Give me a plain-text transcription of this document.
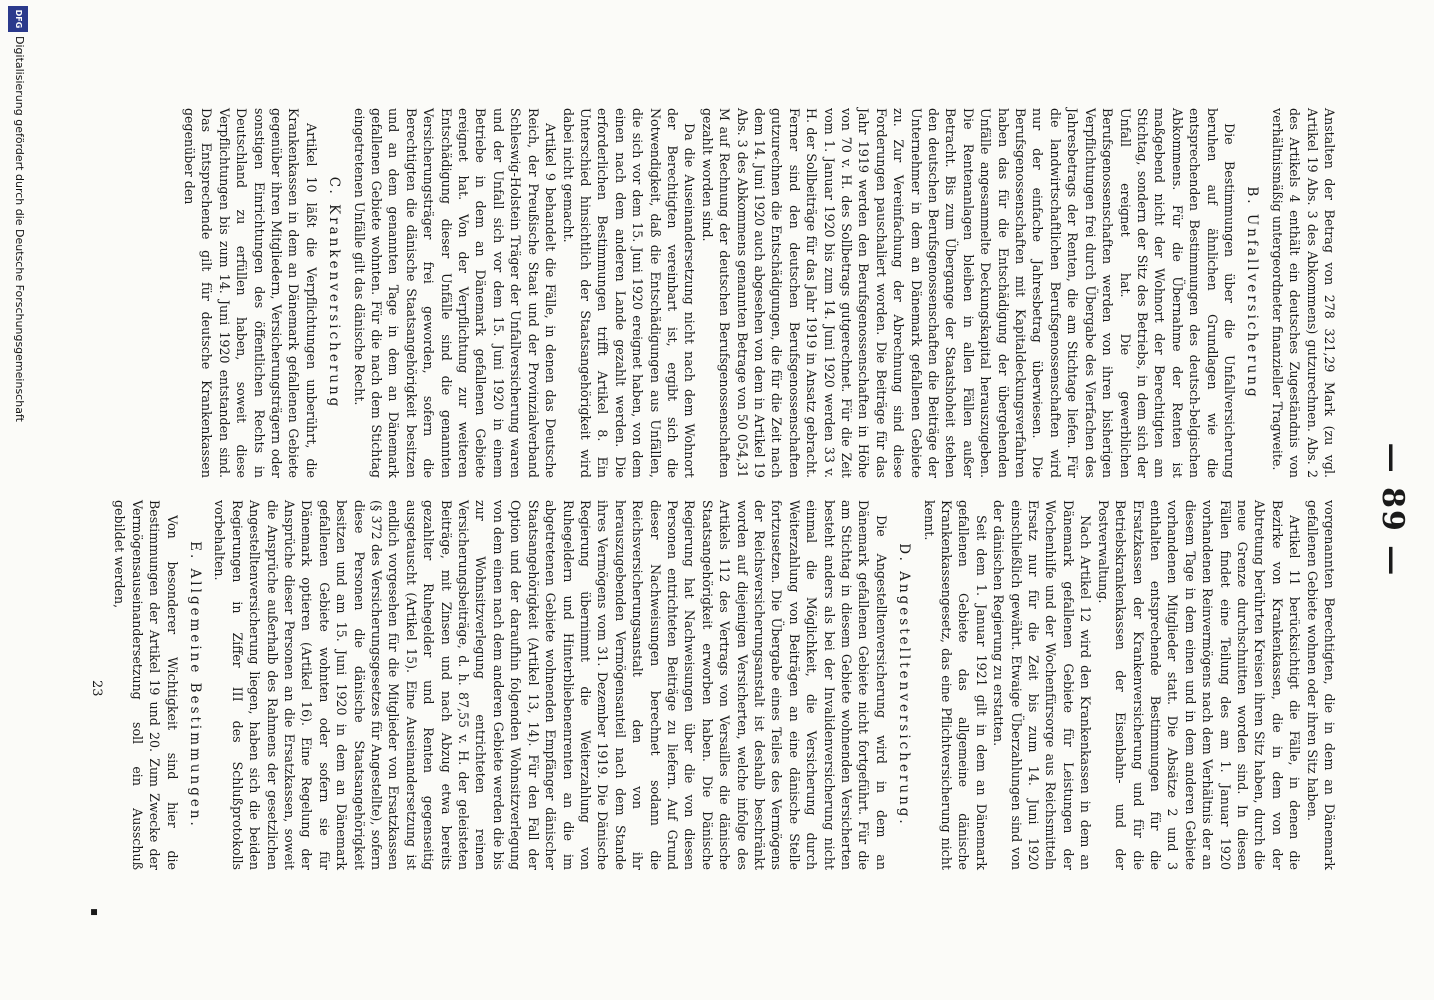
— 89 —

Anstalten der Betrag von 278 321,29 Mark (zu vgl. Artikel 19 Abs. 3 des Abkommens) gutzurechnen. Abs. 2 des Artikels 4 enthält ein deutsches Zugeständnis von verhältnismäßig untergeordneter finanzieller Tragweite.

B. Unfallversicherung

Die Bestimmungen über die Unfallversicherung beruhen auf ähnlichen Grundlagen wie die entsprechenden Bestimmungen des deutsch-belgischen Abkommens. Für die Übernahme der Renten ist maßgebend nicht der Wohnort der Berechtigten am Stichtag, sondern der Sitz des Betriebs, in dem sich der Unfall ereignet hat. Die gewerblichen Berufsgenossenschaften werden von ihren bisherigen Verpflichtungen frei durch Übergabe des Vierfachen des Jahresbetrags der Renten, die am Stichtage liefen. Für die landwirtschaftlichen Berufsgenossenschaften wird nur der einfache Jahresbetrag überwiesen. Die Berufsgenossenschaften mit Kapitaldeckungsverfahren haben das für die Entschädigung der übergehenden Unfälle angesammelte Deckungskapital herauszugeben. Die Rentenanlagen bleiben in allen Fällen außer Betracht. Bis zum Übergange der Staatshoheit stehen den deutschen Berufsgenossenschaften die Beiträge der Unternehmer in dem an Dänemark gefallenen Gebiete zu. Zur Vereinfachung der Abrechnung sind diese Forderungen pauschaliert worden. Die Beiträge für das Jahr 1919 werden den Berufsgenossenschaften in Höhe von 70 v. H. des Sollbetrags gutgerechnet. Für die Zeit vom 1. Januar 1920 bis zum 14. Juni 1920 werden 33 v. H. der Sollbeiträge für das Jahr 1919 in Ansatz gebracht. Ferner sind den deutschen Berufsgenossenschaften gutzurechnen die Entschädigungen, die für die Zeit nach dem 14. Juni 1920 auch abgesehen von dem in Artikel 19 Abs. 3 des Abkommens genannten Betrage von 50 054,31 M auf Rechnung der deutschen Berufsgenossenschaften gezahlt worden sind.

Da die Auseinandersetzung nicht nach dem Wohnort der Berechtigten vereinbart ist, ergibt sich die Notwendigkeit, daß die Entschädigungen aus Unfällen, die sich vor dem 15. Juni 1920 ereignet haben, von dem einen nach dem anderen Lande gezahlt werden. Die erforderlichen Bestimmungen trifft Artikel 8. Ein Unterschied hinsichtlich der Staatsangehörigkeit wird dabei nicht gemacht.

Artikel 9 behandelt die Fälle, in denen das Deutsche Reich, der Preußische Staat und der Provinzialverband Schleswig-Holstein Träger der Unfallversicherung waren und der Unfall sich vor dem 15. Juni 1920 in einem Betriebe in dem an Dänemark gefallenen Gebiete ereignet hat. Von der Verpflichtung zur weiteren Entschädigung dieser Unfälle sind die genannten Versicherungsträger frei geworden, sofern die Berechtigten die dänische Staatsangehörigkeit besitzen und an dem genannten Tage in dem an Dänemark gefallenen Gebiete wohnten. Für die nach dem Stichtag eingetretenen Unfälle gilt das dänische Recht.

C. Krankenversicherung

Artikel 10 läßt die Verpflichtungen unberührt, die Krankenkassen in dem an Dänemark gefallenen Gebiete gegenüber ihren Mitgliedern, Versicherungsträgern oder sonstigen Einrichtungen des öffentlichen Rechts in Deutschland zu erfüllen haben, soweit diese Verpflichtungen bis zum 14. Juni 1920 entstanden sind. Das Entsprechende gilt für deutsche Krankenkassen gegenüber den

vorgenannten Berechtigten, die in dem an Dänemark gefallenen Gebiete wohnen oder ihren Sitz haben.

Artikel 11 berücksichtigt die Fälle, in denen die Bezirke von Krankenkassen, die in dem von der Abtretung berührten Kreisen ihren Sitz haben, durch die neue Grenze durchschnitten worden sind. In diesen Fällen findet eine Teilung des am 1. Januar 1920 vorhandenen Reinvermögens nach dem Verhältnis der an diesem Tage in dem einen und in dem anderen Gebiete vorhandenen Mitglieder statt. Die Absätze 2 und 3 enthalten entsprechende Bestimmungen für die Ersatzkassen der Krankenversicherung und für die Betriebskrankenkassen der Eisenbahn- und der Postverwaltung.

Nach Artikel 12 wird den Krankenkassen in dem an Dänemark gefallenen Gebiete für Leistungen der Wochenhilfe und der Wochenfürsorge aus Reichsmitteln Ersatz nur für die Zeit bis zum 14. Juni 1920 einschließlich gewährt. Etwaige Überzahlungen sind von der dänischen Regierung zu erstatten.

Seit dem 1. Januar 1921 gilt in dem an Dänemark gefallenen Gebiete das allgemeine dänische Krankenkassengesetz, das eine Pflichtversicherung nicht kennt.

D. Angestelltenversicherung.

Die Angestelltenversicherung wird in dem an Dänemark gefallenen Gebiete nicht fortgeführt. Für die am Stichtag in diesem Gebiete wohnenden Versicherten besteht anders als bei der Invalidenversicherung nicht einmal die Möglichkeit, die Versicherung durch Weiterzahlung von Beiträgen an eine dänische Stelle fortzusetzen. Die Übergabe eines Teiles des Vermögens der Reichsversicherungsanstalt ist deshalb beschränkt worden auf diejenigen Versicherten, welche infolge des Artikels 112 des Vertrags von Versailles die dänische Staatsangehörigkeit erworben haben. Die Dänische Regierung hat Nachweisungen über die von diesen Personen entrichteten Beiträge zu liefern. Auf Grund dieser Nachweisungen berechnet sodann die Reichsversicherungsanstalt den von ihr herauszugebenden Vermögensanteil nach dem Stande ihres Vermögens vom 31. Dezember 1919. Die Dänische Regierung übernimmt die Weiterzahlung von Ruhegeldern und Hinterbliebenenrenten an die im abgetretenen Gebiete wohnenden Empfänger dänischer Staatsangehörigkeit (Artikel 13, 14). Für den Fall der Option und der daraufhin folgenden Wohnsitzverlegung von dem einen nach dem anderen Gebiete werden die bis zur Wohnsitzverlegung entrichteten reinen Versicherungsbeiträge, d. h. 87,55 v. H. der geleisteten Beiträge, mit Zinsen und nach Abzug etwa bereits gezahlter Ruhegelder und Renten gegenseitig ausgetauscht (Artikel 15). Eine Auseinandersetzung ist endlich vorgesehen für die Mitglieder von Ersatzkassen (§ 372 des Versicherungsgesetzes für Angestellte), sofern diese Personen die dänische Staatsangehörigkeit besitzen und am 15. Juni 1920 in dem an Dänemark gefallenen Gebiete wohnten oder sofern sie für Dänemark optieren (Artikel 16). Eine Regelung der Ansprüche dieser Personen an die Ersatzkassen, soweit die Ansprüche außerhalb des Rahmens der gesetzlichen Angestelltenversicherung liegen, haben sich die beiden Regierungen in Ziffer III des Schlußprotokolls vorbehalten.

E. Allgemeine Bestimmungen.

Von besonderer Wichtigkeit sind hier die Bestimmungen der Artikel 19 und 20. Zum Zwecke der Vermögensauseinandersetzung soll ein Ausschuß gebildet werden,

23
▪
DFG
Digitalisierung gefördert durch die Deutsche Forschungsgemeinschaft
